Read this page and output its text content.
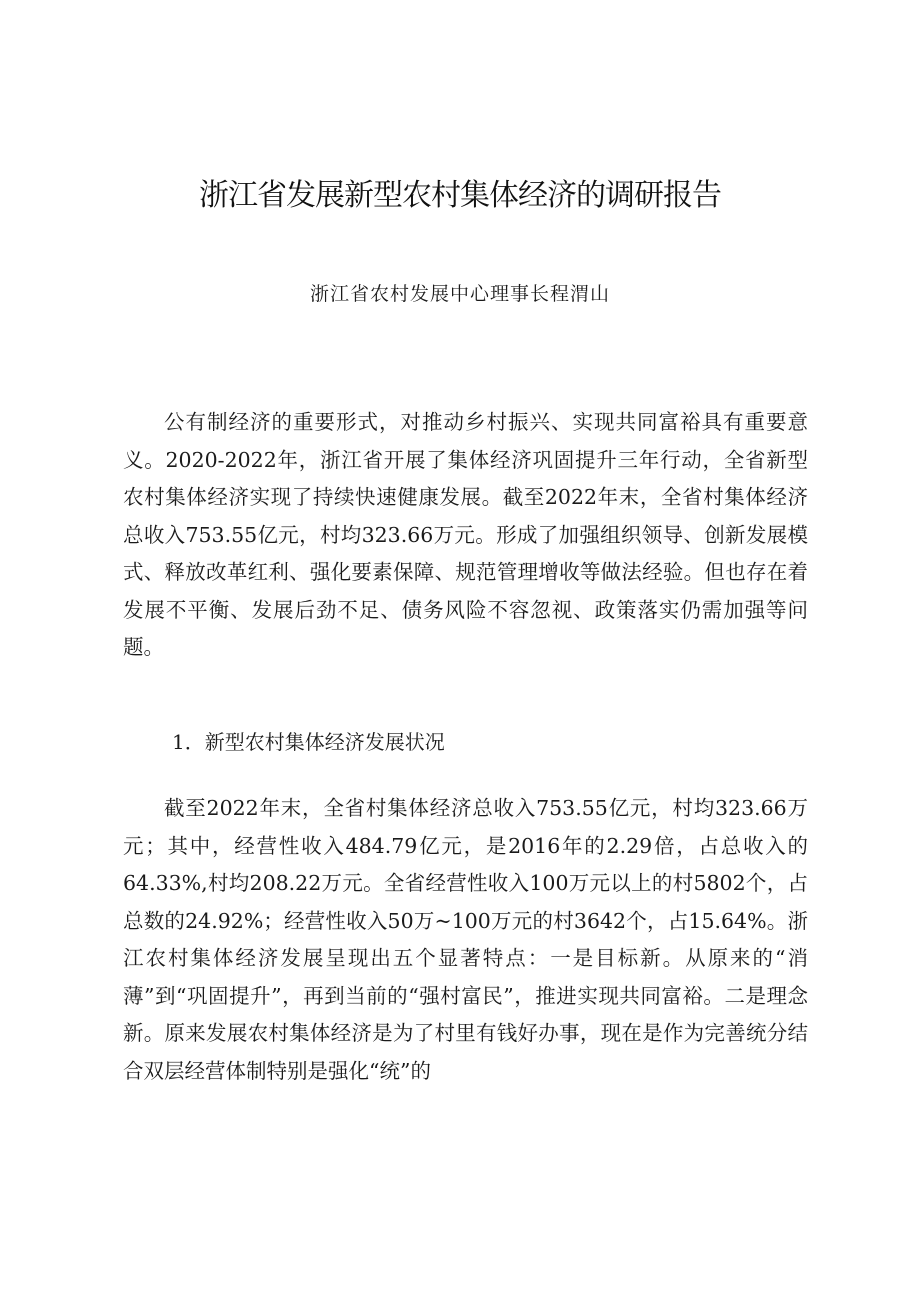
浙江省发展新型农村集体经济的调研报告

浙江省农村发展中心理事长程渭山

公有制经济的重要形式，对推动乡村振兴、实现共同富裕具有重要意义。2020-2022年，浙江省开展了集体经济巩固提升三年行动，全省新型农村集体经济实现了持续快速健康发展。截至2022年末，全省村集体经济总收入753.55亿元，村均323.66万元。形成了加强组织领导、创新发展模式、释放改革红利、强化要素保障、规范管理增收等做法经验。但也存在着发展不平衡、发展后劲不足、债务风险不容忽视、政策落实仍需加强等问题。

1．新型农村集体经济发展状况

截至2022年末，全省村集体经济总收入753.55亿元，村均323.66万元；其中，经营性收入484.79亿元，是2016年的2.29倍，占总收入的64.33%,村均208.22万元。全省经营性收入100万元以上的村5802个，占总数的24.92%；经营性收入50万~100万元的村3642个，占15.64%。浙江农村集体经济发展呈现出五个显著特点：一是目标新。从原来的“消薄”到“巩固提升”，再到当前的“强村富民”，推进实现共同富裕。二是理念新。原来发展农村集体经济是为了村里有钱好办事，现在是作为完善统分结合双层经营体制特别是强化“统”的
